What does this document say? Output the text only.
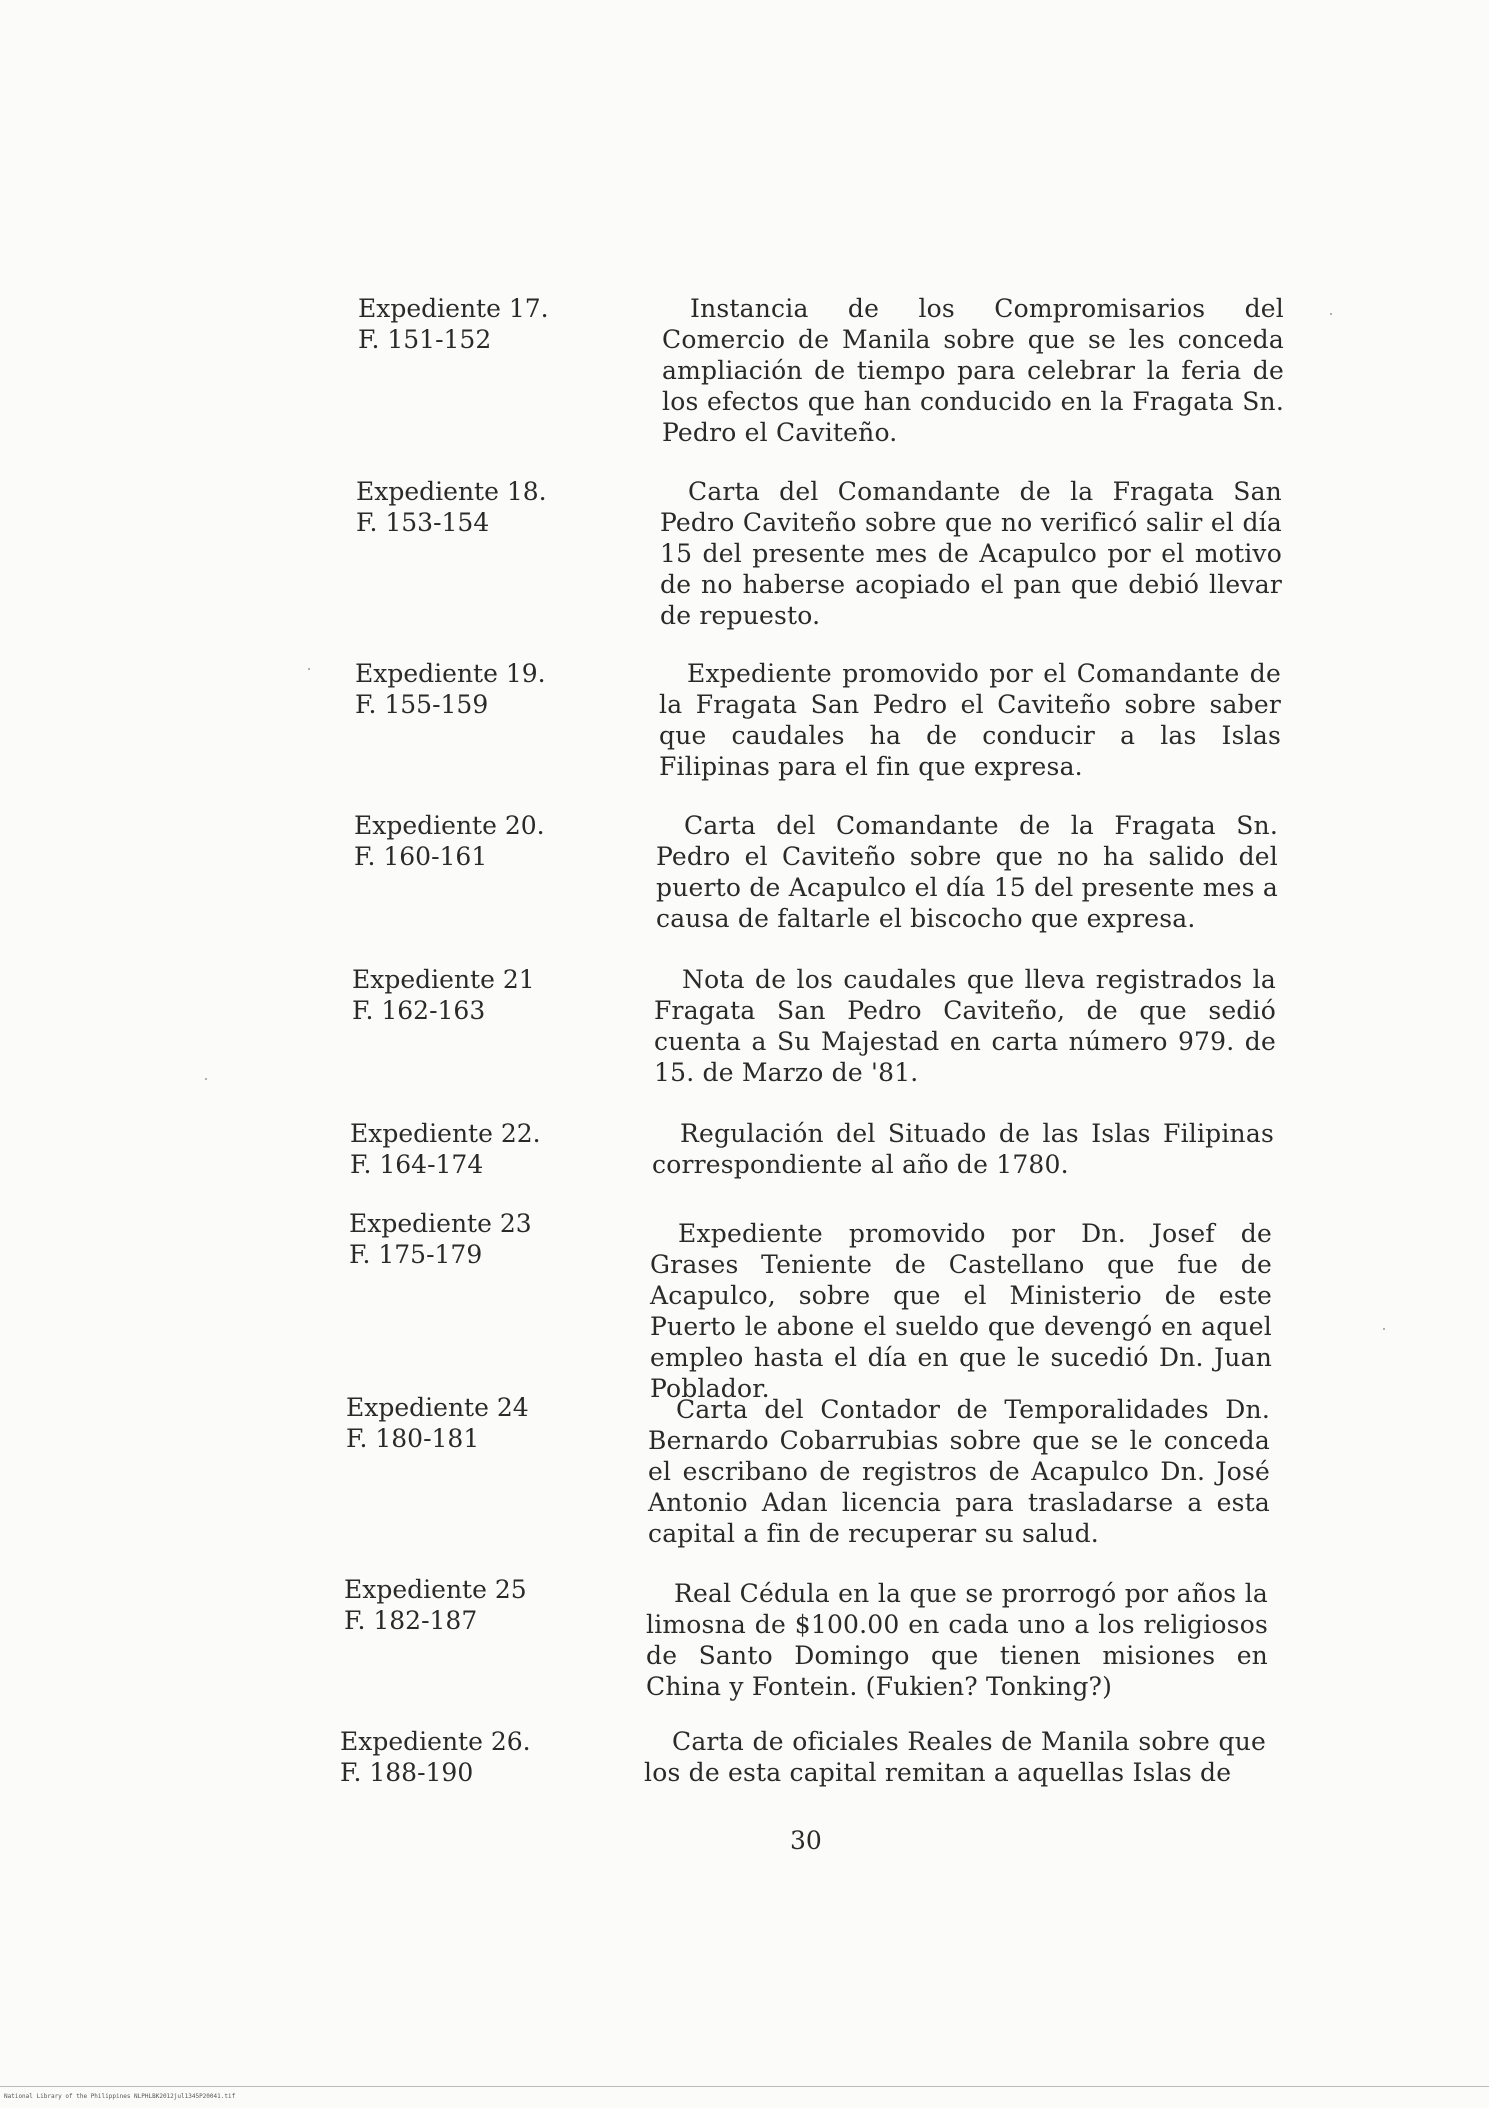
Expediente 17.
F. 151-152
Instancia de los Compromisarios del Comercio de Manila sobre que se les conceda ampliación de tiempo para celebrar la feria de los efectos que han conducido en la Fragata Sn. Pedro el Caviteño.
Expediente 18.
F. 153-154
Carta del Comandante de la Fragata San Pedro Caviteño sobre que no verificó salir el día 15 del presente mes de Acapulco por el motivo de no haberse acopiado el pan que debió llevar de repuesto.
Expediente 19.
F. 155-159
Expediente promovido por el Comandante de la Fragata San Pedro el Caviteño sobre saber que caudales ha de conducir a las Islas Filipinas para el fin que expresa.
Expediente 20.
F. 160-161
Carta del Comandante de la Fragata Sn. Pedro el Caviteño sobre que no ha salido del puerto de Acapulco el día 15 del presente mes a causa de faltarle el biscocho que expresa.
Expediente 21
F. 162-163
Nota de los caudales que lleva registrados la Fragata San Pedro Caviteño, de que sedió cuenta a Su Majestad en carta número 979. de 15. de Marzo de '81.
Expediente 22.
F. 164-174
Regulación del Situado de las Islas Filipinas correspondiente al año de 1780.
Expediente 23
F. 175-179
Expediente promovido por Dn. Josef de Grases Teniente de Castellano que fue de Acapulco, sobre que el Ministerio de este Puerto le abone el sueldo que devengó en aquel empleo hasta el día en que le sucedió Dn. Juan Poblador.
Expediente 24
F. 180-181
Carta del Contador de Temporalidades Dn. Bernardo Cobarrubias sobre que se le conceda el escribano de registros de Acapulco Dn. José Antonio Adan licencia para trasladarse a esta capital a fin de recuperar su salud.
Expediente 25
F. 182-187
Real Cédula en la que se prorrogó por años la limosna de $100.00 en cada uno a los religiosos de Santo Domingo que tienen misiones en China y Fontein. (Fukien? Tonking?)
Expediente 26.
F. 188-190
Carta de oficiales Reales de Manila sobre que los de esta capital remitan a aquellas Islas de
30
National Library of the Philippines NLPHLBK2012jul1345P20041.tif
